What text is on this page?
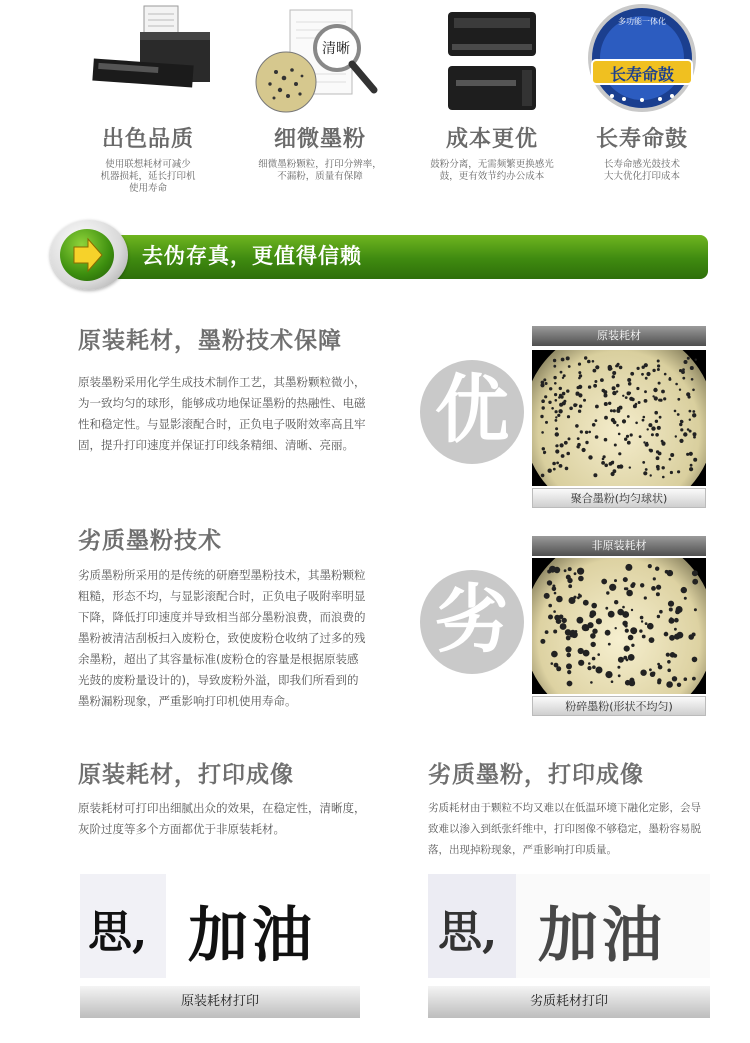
出色品质
使用联想耗材可减少
机器损耗，延长打印机
使用寿命
清晰
细微墨粉
细微墨粉颗粒，打印分辨率，
不漏粉，质量有保障
成本更优
鼓粉分离，无需频繁更换感光
鼓，更有效节约办公成本
多功能一体化
长寿命鼓
长寿命鼓
长寿命感光鼓技术
大大优化打印成本
去伪存真，更值得信赖
原装耗材，墨粉技术保障

原装墨粉采用化学生成技术制作工艺，其墨粉颗粒微小，为一致均匀的球形，能够成功地保证墨粉的热融性、电磁性和稳定性。与显影滚配合时，正负电子吸附效率高且牢固，提升打印速度并保证打印线条精细、清晰、亮丽。 优
原装耗材
聚合墨粉(均匀球状)
劣质墨粉技术

劣质墨粉所采用的是传统的研磨型墨粉技术，其墨粉颗粒粗糙，形态不均，与显影滚配合时，正负电子吸附率明显下降，降低打印速度并导致相当部分墨粉浪费，而浪费的墨粉被清洁刮板扫入废粉仓，致使废粉仓收纳了过多的残余墨粉，超出了其容量标准(废粉仓的容量是根据原装感光鼓的废粉量设计的)，导致废粉外溢，即我们所看到的墨粉漏粉现象，严重影响打印机使用寿命。

劣
非原装耗材
粉碎墨粉(形状不均匀)
原装耗材，打印成像

原装耗材可打印出细腻出众的效果，在稳定性，清晰度，灰阶过度等多个方面都优于非原装耗材。

思, 加油
原装耗材打印
劣质墨粉，打印成像

劣质耗材由于颗粒不均又难以在低温环境下融化定影，会导致难以渗入到纸张纤维中，打印图像不够稳定，墨粉容易脱落，出现掉粉现象，严重影响打印质量。

思, 加油
劣质耗材打印
